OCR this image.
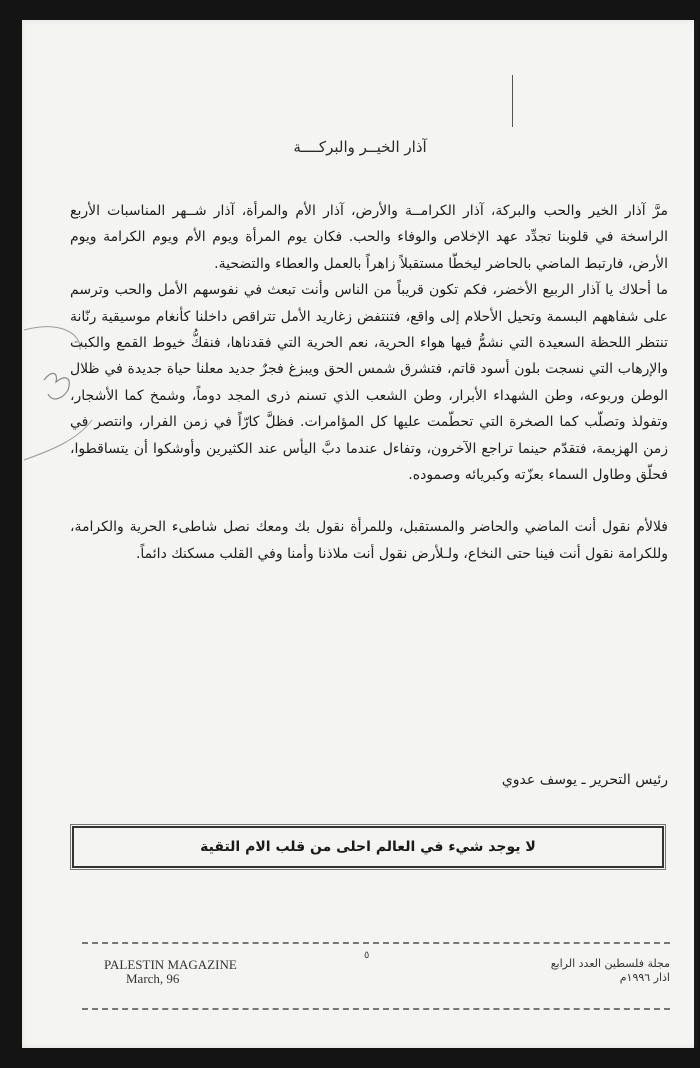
آذار الخيــر والبركــــة

مرَّ آذار الخير والحب والبركة، آذار الكرامــة والأرض، آذار الأم والمرأة، آذار شــهر المناسبات الأربع الراسخة في قلوبنا تجدِّد عهد الإخلاص والوفاء والحب. فكان يوم المرأة ويوم الأم ويوم الكرامة ويوم الأرض، فارتبط الماضي بالحاضر ليخطّا مستقبلاً زاهراً بالعمل والعطاء والتضحية.

ما أحلاك يا آذار الربيع الأخضر، فكم تكون قريباً من الناس وأنت تبعث في نفوسهم الأمل والحب وترسم على شفاههم البسمة وتحيل الأحلام إلى واقع، فتنتفض زغاريد الأمل تتراقص داخلنا كأنغام موسيقية رنّانة تنتظر اللحظة السعيدة التي نشمُّ فيها هواء الحرية، نعم الحرية التي فقدناها، فنفكُّ خيوط القمع والكبت والإرهاب التي نسجت بلون أسود قاتم، فتشرق شمس الحق ويبزغ فجرٌ جديد معلنا حياة جديدة في ظلال الوطن وربوعه، وطن الشهداء الأبرار، وطن الشعب الذي تسنم ذرى المجد دوماً، وشمخ كما الأشجار، وتفولذ وتصلّب كما الصخرة التي تحطّمت عليها كل المؤامرات. فظلَّ كارّاً في زمن الفرار، وانتصر في زمن الهزيمة، فتقدّم حينما تراجع الآخرون، وتفاءل عندما دبَّ اليأس عند الكثيرين وأوشكوا أن يتساقطوا، فحلّق وطاول السماء بعزّته وكبريائه وصموده.

فلالأم نقول أنت الماضي والحاضر والمستقبل، وللمرأة نقول بك ومعك نصل شاطىء الحرية والكرامة، وللكرامة نقول أنت فينا حتى النخاع، ولـلأرض نقول أنت ملاذنا وأمنا وفي القلب مسكنك دائماً.

رئيس التحرير ـ يوسف عدوي
لا يوجد شيء في العالم احلى من قلب الام التقية
PALESTIN MAGAZINE
March, 96
٥
مجلة فلسطين العدد الرابع
اذار ١٩٩٦م
